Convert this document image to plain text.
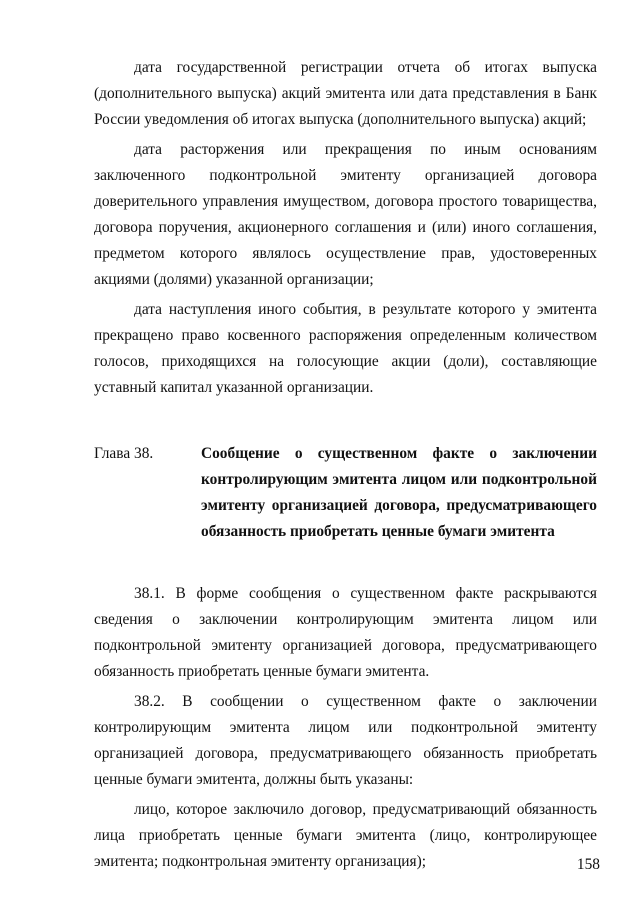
дата государственной регистрации отчета об итогах выпуска (дополнительного выпуска) акций эмитента или дата представления в Банк России уведомления об итогах выпуска (дополнительного выпуска) акций;

дата расторжения или прекращения по иным основаниям заключенного подконтрольной эмитенту организацией договора доверительного управления имуществом, договора простого товарищества, договора поручения, акционерного соглашения и (или) иного соглашения, предметом которого являлось осуществление прав, удостоверенных акциями (долями) указанной организации;

дата наступления иного события, в результате которого у эмитента прекращено право косвенного распоряжения определенным количеством голосов, приходящихся на голосующие акции (доли), составляющие уставный капитал указанной организации.

Глава 38.	Сообщение о существенном факте о заключении контролирующим эмитента лицом или подконтрольной эмитенту организацией договора, предусматривающего обязанность приобретать ценные бумаги эмитента

38.1. В форме сообщения о существенном факте раскрываются сведения о заключении контролирующим эмитента лицом или подконтрольной эмитенту организацией договора, предусматривающего обязанность приобретать ценные бумаги эмитента.

38.2. В сообщении о существенном факте о заключении контролирующим эмитента лицом или подконтрольной эмитенту организацией договора, предусматривающего обязанность приобретать ценные бумаги эмитента, должны быть указаны:

лицо, которое заключило договор, предусматривающий обязанность лица приобретать ценные бумаги эмитента (лицо, контролирующее эмитента; подконтрольная эмитенту организация);	158
